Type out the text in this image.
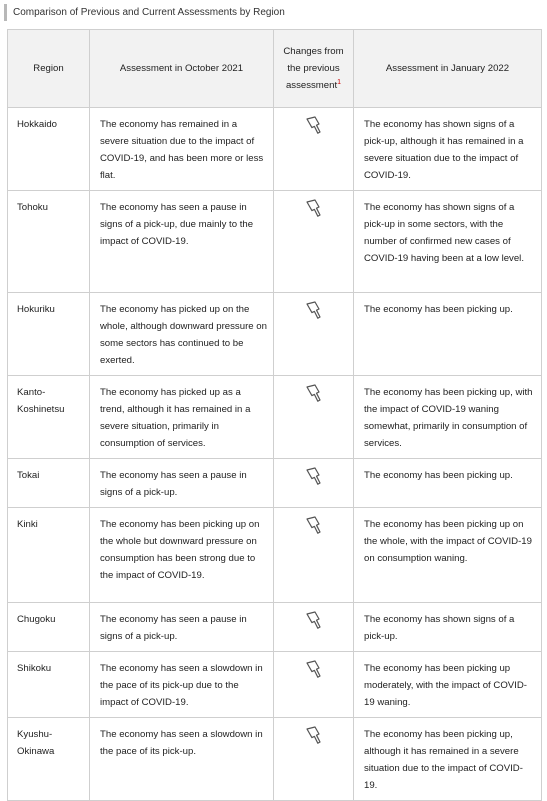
Comparison of Previous and Current Assessments by Region
Region	Assessment in October 2021	Changes from the previous assessment$^1$	Assessment in January 2022
Hokkaido	The economy has remained in a severe situation due to the impact of COVID-19, and has been more or less flat.		The economy has shown signs of a pick-up, although it has remained in a severe situation due to the impact of COVID-19.
Tohoku	The economy has seen a pause in signs of a pick-up, due mainly to the impact of COVID-19.		The economy has shown signs of a pick-up in some sectors, with the number of confirmed new cases of COVID-19 having been at a low level.
Hokuriku	The economy has picked up on the whole, although downward pressure on some sectors has continued to be exerted.		The economy has been picking up.
Kanto-Koshinetsu	The economy has picked up as a trend, although it has remained in a severe situation, primarily in consumption of services.		The economy has been picking up, with the impact of COVID-19 waning somewhat, primarily in consumption of services.
Tokai	The economy has seen a pause in signs of a pick-up.		The economy has been picking up.
Kinki	The economy has been picking up on the whole but downward pressure on consumption has been strong due to the impact of COVID-19.		The economy has been picking up on the whole, with the impact of COVID-19 on consumption waning.
Chugoku	The economy has seen a pause in signs of a pick-up.		The economy has shown signs of a pick-up.
Shikoku	The economy has seen a slowdown in the pace of its pick-up due to the impact of COVID-19.		The economy has been picking up moderately, with the impact of COVID-19 waning.
Kyushu-Okinawa	The economy has seen a slowdown in the pace of its pick-up.		The economy has been picking up, although it has remained in a severe situation due to the impact of COVID-19.
